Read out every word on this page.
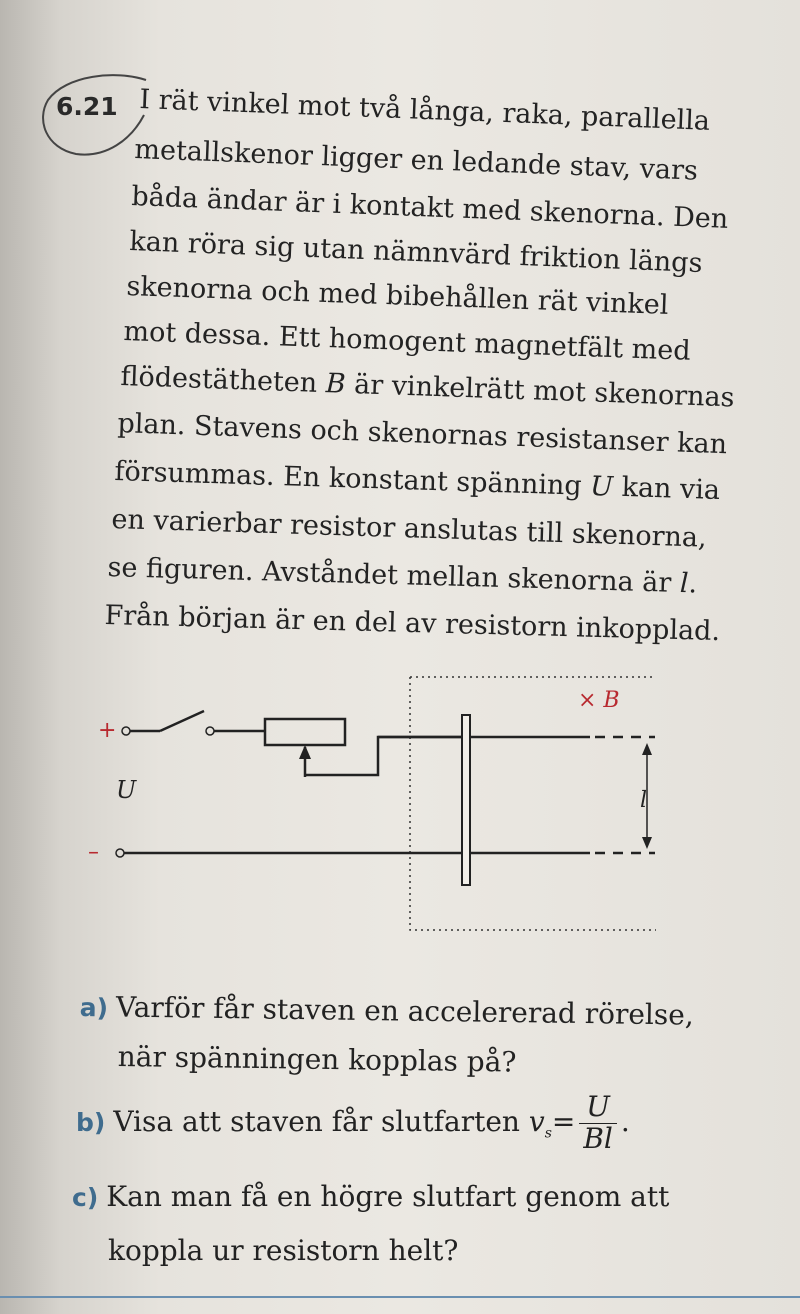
6.21 I rät vinkel mot två långa, raka, parallella
metallskenor ligger en ledande stav, vars
båda ändar är i kontakt med skenorna. Den
kan röra sig utan nämnvärd friktion längs
skenorna och med bibehållen rät vinkel
mot dessa. Ett homogent magnetfält med
flödestätheten B är vinkelrätt mot skenornas
plan. Stavens och skenornas resistanser kan
försummas. En konstant spänning U kan via
en varierbar resistor anslutas till skenorna,
se figuren. Avståndet mellan skenorna är l.
Från början är en del av resistorn inkopplad.
+
–
U
× B
l
a) Varför får staven en accelererad rörelse,
när spänningen kopplas på?
b) Visa att staven får slutfarten $v_s= \frac{U}{Bl}$ .
c) Kan man få en högre slutfart genom att
koppla ur resistorn helt?
